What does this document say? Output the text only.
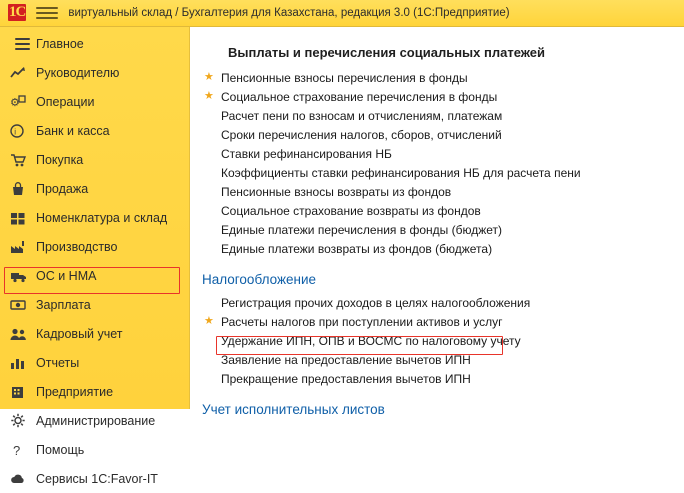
1C	виртуальный склад / Бухгалтерия для Казахстана, редакция 3.0 (1С:Предприятие)
Главное
Руководителю
⚙ Операции
i Банк и касса
Покупка
Продажа
Номенклатура и склад
Производство
ОС и НМА
Зарплата
Кадровый учет
Отчеты
Предприятие
Администрирование
? Помощь
Сервисы 1С:Favor-IT
Выплаты и перечисления социальных платежей
★ Пенсионные взносы перечисления в фонды
★ Социальное страхование перечисления в фонды
Расчет пени по взносам и отчислениям, платежам
Сроки перечисления налогов, сборов, отчислений
Ставки рефинансирования НБ
Коэффициенты ставки рефинансирования НБ для расчета пени
Пенсионные взносы возвраты из фондов
Социальное страхование возвраты из фондов
Единые платежи перечисления в фонды (бюджет)
Единые платежи возвраты из фондов (бюджета)
Налогообложение
Регистрация прочих доходов в целях налогообложения
★ Расчеты налогов при поступлении активов и услуг
Удержание ИПН, ОПВ и ВОСМС по налоговому учету
Заявление на предоставление вычетов ИПН
Прекращение предоставления вычетов ИПН
Учет исполнительных листов
